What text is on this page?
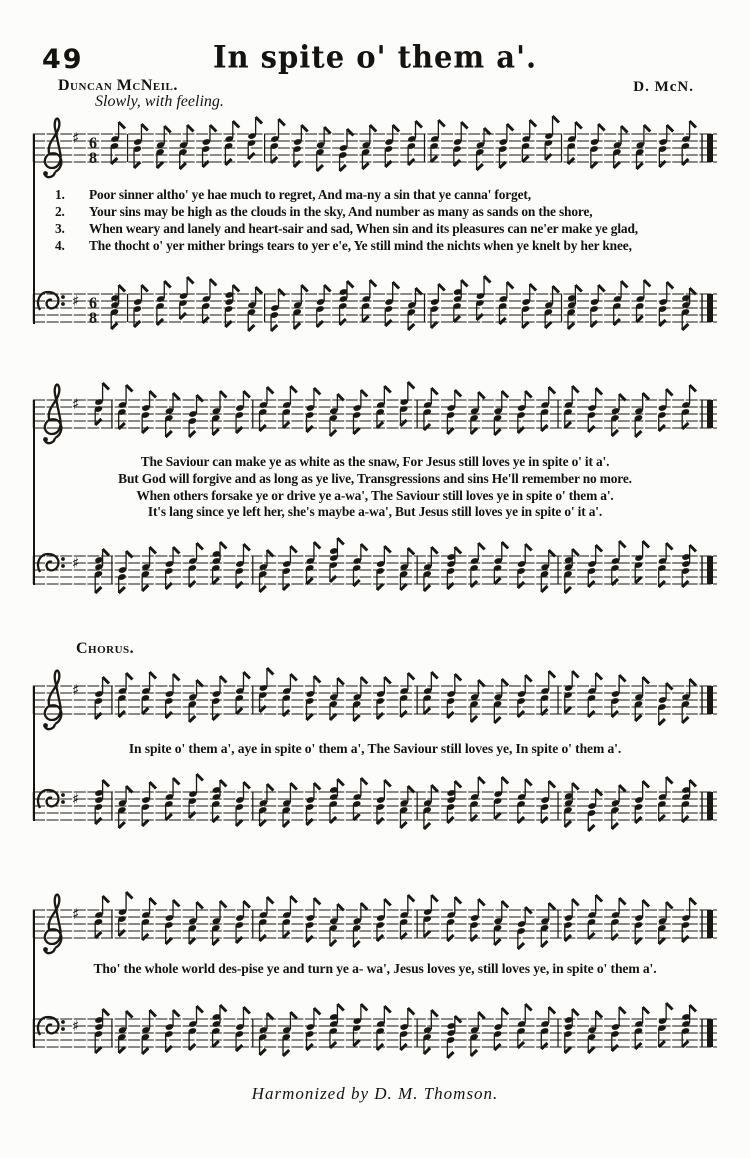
49	In spite o' them a'.
Duncan McNeil.	D. McN.
Slowly, with feeling.
♯ 6
8
♯ 6
8
♯
♯
♯
♯
♯
♯
1. Poor sinner altho' ye hae much to regret, And ma-ny a sin that ye canna' forget,
2. Your sins may be high as the clouds in the sky, And number as many as sands on the shore,
3. When weary and lanely and heart-sair and sad, When sin and its pleasures can ne'er make ye glad,
4. The thocht o' yer mither brings tears to yer e'e, Ye still mind the nichts when ye knelt by her knee,
The Saviour can make ye as white as the snaw, For Jesus still loves ye in spite o' it a'.
But God will forgive and as long as ye live, Transgressions and sins He'll remember no more.
When others forsake ye or drive ye a-wa', The Saviour still loves ye in spite o' them a'.
It's lang since ye left her, she's maybe a-wa', But Jesus still loves ye in spite o' it a'.
Chorus.
In spite o' them a', aye in spite o' them a', The Saviour still loves ye, In spite o' them a'.
Tho' the whole world des-pise ye and turn ye a- wa', Jesus loves ye, still loves ye, in spite o' them a'.
Harmonized by D. M. Thomson.
